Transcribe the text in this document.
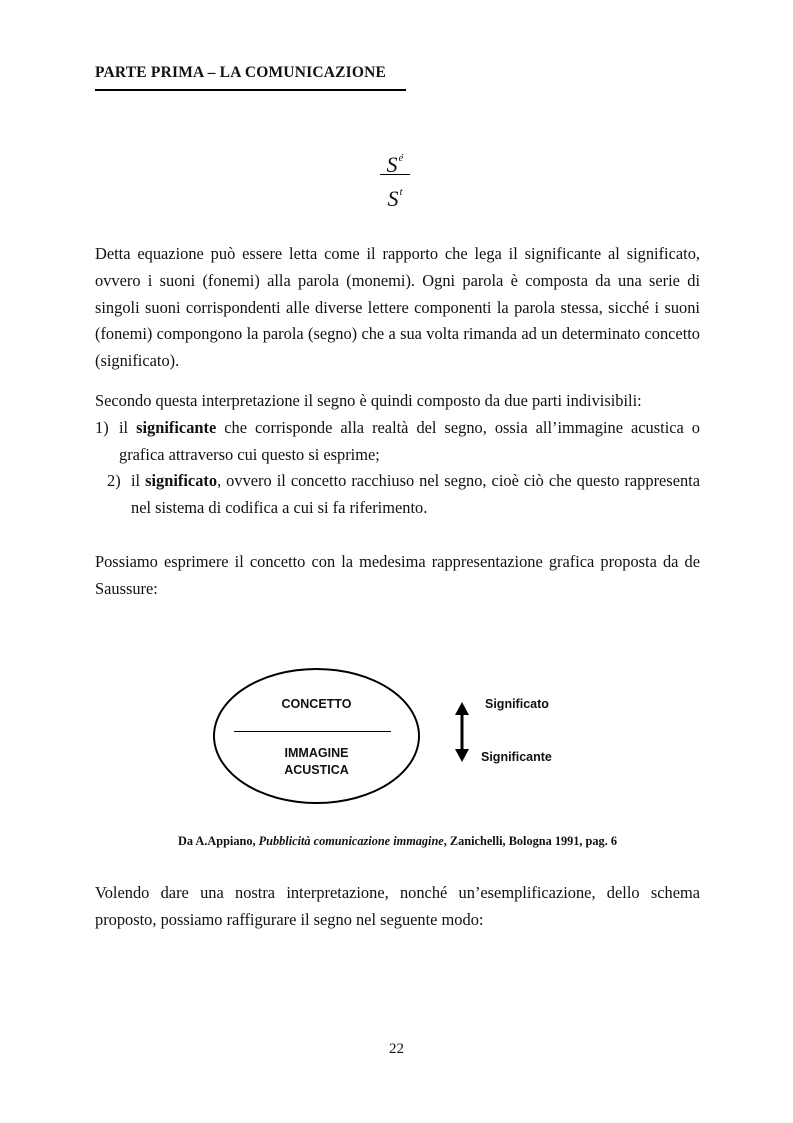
PARTE PRIMA – LA COMUNICAZIONE
$S^é$
$S^t$

Detta equazione può essere letta come il rapporto che lega il significante al significato, ovvero i suoni (fonemi) alla parola (monemi). Ogni parola è composta da una serie di singoli suoni corrispondenti alle diverse lettere componenti la parola stessa, sicché i suoni (fonemi) compongono la parola (segno) che a sua volta rimanda ad un determinato concetto (significato).

Secondo questa interpretazione il segno è quindi composto da due parti indivisibili:
1) il significante che corrisponde alla realtà del segno, ossia all’immagine acustica o grafica attraverso cui questo si esprime;
2) il significato, ovvero il concetto racchiuso nel segno, cioè ciò che questo rappresenta nel sistema di codifica a cui si fa riferimento.

Possiamo esprimere il concetto con la medesima rappresentazione grafica proposta da de Saussure:

CONCETTO
IMMAGINE
ACUSTICA
Significato
Significante
Da A.Appiano, Pubblicità comunicazione immagine, Zanichelli, Bologna 1991, pag. 6

Volendo dare una nostra interpretazione, nonché un’esemplificazione, dello schema proposto, possiamo raffigurare il segno nel seguente modo:

22
